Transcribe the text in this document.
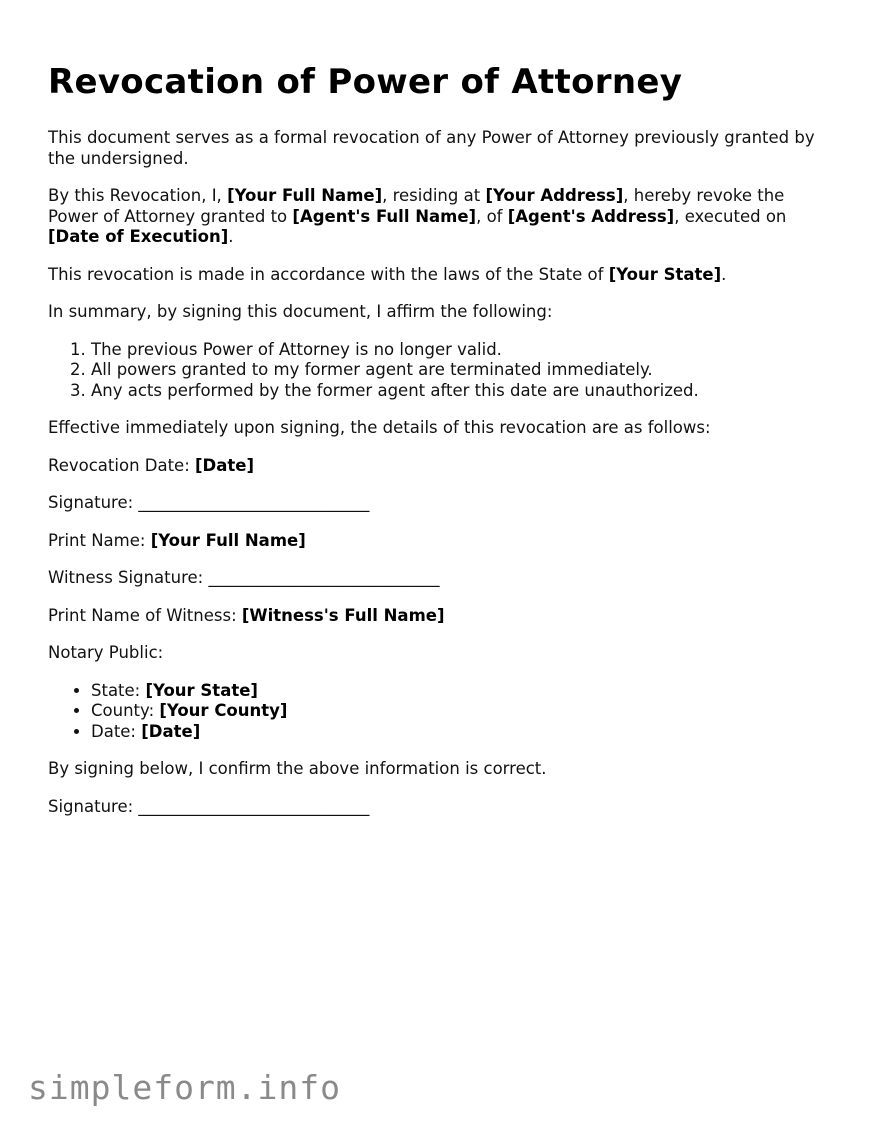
Revocation of Power of Attorney

This document serves as a formal revocation of any Power of Attorney previously granted by the undersigned.

By this Revocation, I, [Your Full Name], residing at [Your Address], hereby revoke the Power of Attorney granted to [Agent's Full Name], of [Agent's Address], executed on [Date of Execution].

This revocation is made in accordance with the laws of the State of [Your State].

In summary, by signing this document, I affirm the following:

1. The previous Power of Attorney is no longer valid.
2. All powers granted to my former agent are terminated immediately.
3. Any acts performed by the former agent after this date are unauthorized.

Effective immediately upon signing, the details of this revocation are as follows:

Revocation Date: [Date]

Signature: ____________________________

Print Name: [Your Full Name]

Witness Signature: ____________________________

Print Name of Witness: [Witness's Full Name]

Notary Public:

• State: [Your State]
• County: [Your County]
• Date: [Date]

By signing below, I confirm the above information is correct.

Signature: ____________________________

simpleform.info
